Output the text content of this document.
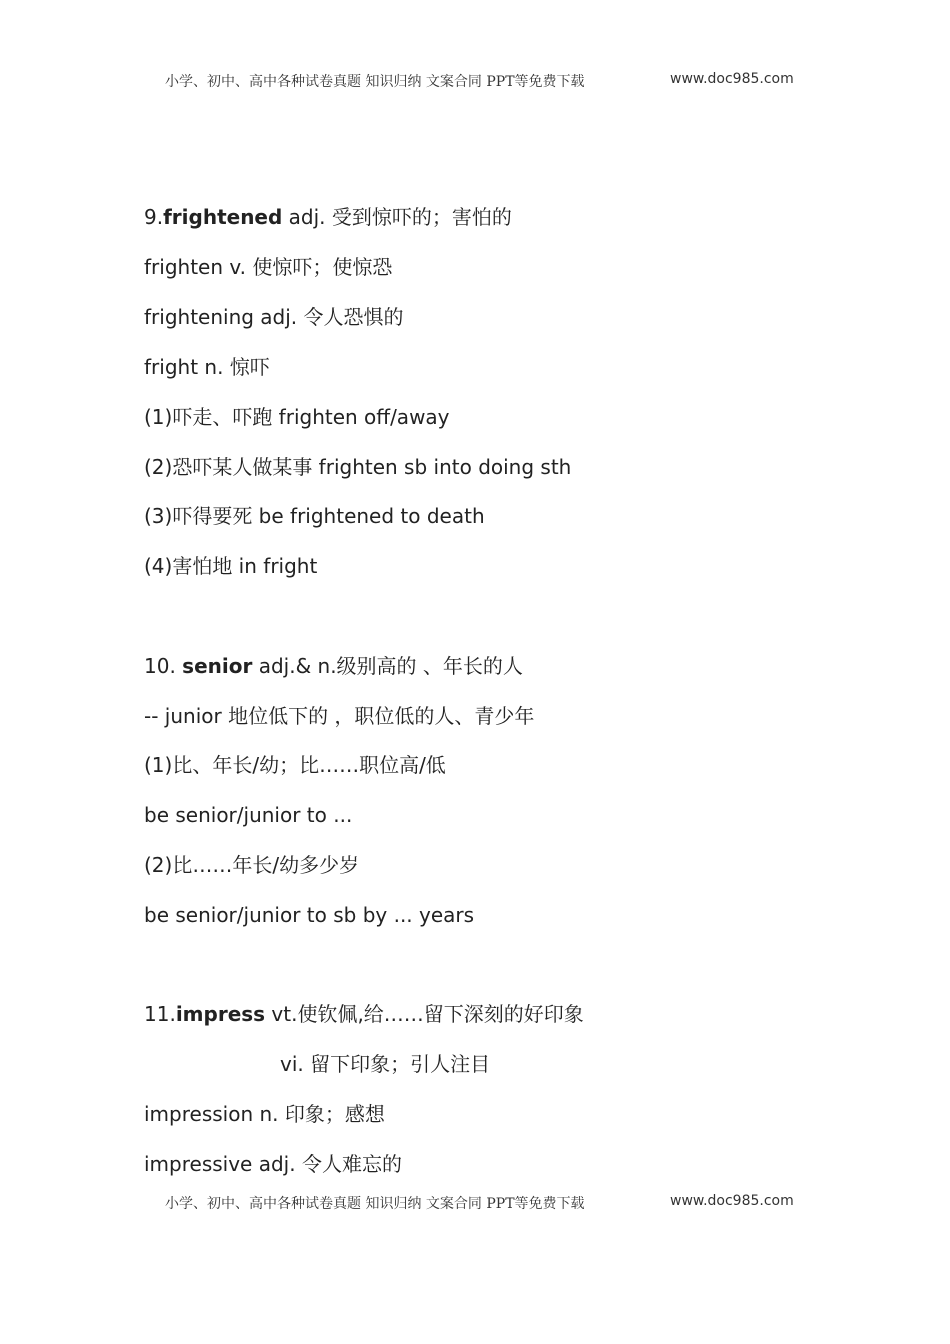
小学、初中、高中各种试卷真题 知识归纳 文案合同 PPT等免费下载	www.doc985.com
9.frightened adj. 受到惊吓的；害怕的
frighten v. 使惊吓；使惊恐
frightening adj. 令人恐惧的
fright n. 惊吓
(1)吓走、吓跑 frighten off/away
(2)恐吓某人做某事 frighten sb into doing sth
(3)吓得要死 be frightened to death
(4)害怕地 in fright
10. senior adj.& n.级别高的 、年长的人
-- junior 地位低下的 ，职位低的人、青少年
(1)比、年长/幼；比……职位高/低
be senior/junior to ...
(2)比……年长/幼多少岁
be senior/junior to sb by ... years
11.impress vt.使钦佩,给……留下深刻的好印象
vi. 留下印象；引人注目
impression n. 印象；感想
impressive adj. 令人难忘的
小学、初中、高中各种试卷真题 知识归纳 文案合同 PPT等免费下载	www.doc985.com
